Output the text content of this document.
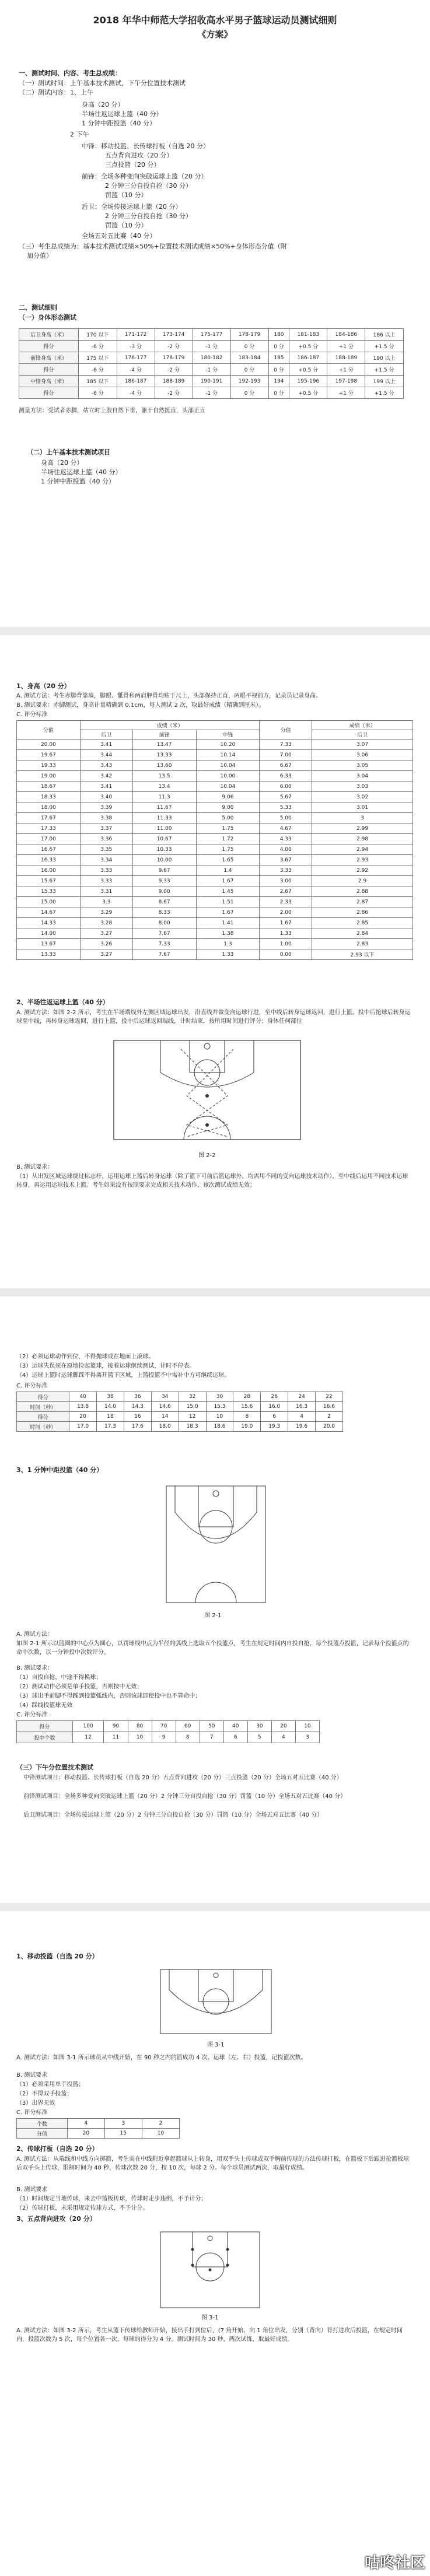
2018 年华中师范大学招收高水平男子篮球运动员测试细则
《方案》
一、测试时间、内容、考生总成绩：
（一）测试时间：上午基本技术测试，下午分位置技术测试
（二）测试内容：1、上午
身高（20 分）
半场往返运球上篮（40 分）
1 分钟中距投篮（40 分）
2 下午
中锋：移动投篮、长传球打板（自选 20 分）
五点背向进攻（20 分）
三点投篮（20 分）
前锋：全场多种变向突破运球上篮（20 分）
2 分钟三分自投自抢（30 分）
罚篮（10 分）
后卫：全场传接运球上篮（20 分）
2 分钟三分自投自抢（30 分）
罚篮（10 分）
全场五对五比赛（40 分）
（三）考生总成绩为：基本技术测试成绩×50%+位置技术测试成绩×50%+身体形态分值（附
加分值）
二、测试细则
（一）身体形态测试
后卫身高（米）	170 以下	171-172	173-174	175-177	178-179	180	181-183	184-186	186 以上
得分	-6 分	-3 分	-2 分	-1 分	0 分	0 分	+0.5 分	+1 分	+1.5 分
前锋身高（米）	175 以下	176-177	178-179	180-182	183-184	185	186-187	188-189	190 以上
得分	-6 分	-4 分	-2 分	-1 分	0 分	0 分	+0.5 分	+1 分	+1.5 分
中锋身高（米）	185 以下	186-187	188-189	190-191	192-193	194	195-196	197-198	199 以上
得分	-6 分	-4 分	-2 分	-1 分	0 分	0 分	+0.5 分	+1 分	+1.5 分
测量方法：受试者赤脚，站立时上肢自然下垂，躯干自然挺直，头部正直
（二）上午基本技术测试项目
身高（20 分）
半场往返运球上篮（40 分）
1 分钟中距投篮（40 分）
1、身高（20 分）
A. 测试方法：考生赤脚背靠墙，脚跟、骶骨和两肩胛骨均贴于尺上，头部保持正直，两眼平视前方，记录员记录身高。
B. 测试要求：赤脚测试，身高计量精确到 0.1cm，每人测试 2 次，取最好成绩（精确到厘米）。
C. 评分标准
分值	成绩（米）			分值	成绩（米）
	后卫	前锋	中锋		后卫
20.00	3.41	13.47	10.20	7.33	3.07
19.67	3.44	13.33	10.14	7.00	3.06
19.33	3.43	13.60	10.04	6.67	3.05
19.00	3.42	13.5	10.00	6.33	3.04
18.67	3.41	13.4	10.04	6.00	3.03
18.33	3.40	11.3	9.06	5.67	3.02
18.00	3.39	11.67	9.00	5.33	3.01
17.67	3.38	11.33	5.00	5.00	3
17.33	3.37	11.00	1.75	4.67	2.99
17.00	3.36	10.67	1.72	4.33	2.98
16.67	3.35	10.33	1.75	4.00	2.94
16.33	3.34	10.00	1.65	3.67	2.93
16.00	3.33	9.67	1.4	3.33	2.92
15.67	3.33	9.33	1.67	3.00	2.9
15.33	3.31	9.00	1.45	2.67	2.88
15.00	3.3	8.67	1.51	2.33	2.87
14.67	3.29	8.33	1.67	2.00	2.86
14.33	3.28	8.00	1.41	1.67	2.85
14.00	3.27	7.67	1.38	1.33	2.84
13.67	3.26	7.33	1.3	1.00	2.83
13.33	3.27	7.67	1.33	0.00	2.93 以下
2、半场往返运球上篮（40 分）
A. 测试方法：如图 2-2 所示，考生在半场端线外左侧区域运球出发，沿直线并做变向运球行进，至中线后转身运球返回，进行上篮。投中后抢球后转身运球至中线，再转身运球返回，进行上篮，投中后运球返回端线，计时结束，按所用时间进行评分；身体任何部位
图 2-2
B. 测试要求：
（1）从出发区域运球绕过标志杆，运用运球上篮后转身运球（除了篮下可前后篮运球外，均需用不同的变向运球技术动作），至中线后运用不同技术运球转身，再运用运球技术上篮。考生如果没有按照要求完成相关技术动作，该次测试成绩无效；
（2）必须运球动作到位，不得抛球或在地面上滚球。
（3）运球失误须在原地捡起篮球，接着运球继续测试，计时不停表。
（4）运球上篮时运球脚踩不得离开篮下区域，上篮投篮不中需补中方可继续运球。
C. 评分标准
得分	40	38	36	34	32	30	28	26	24	22
时间（秒）	13.8	14.0	14.3	14.6	15.0	15.3	15.6	16.0	16.3	16.6
得分	20	18	16	14	12	10	8	6	4	2
时间（秒）	17.0	17.3	17.6	18.0	18.3	18.6	19.0	19.3	19.6	20.0
3、1 分钟中距投篮（40 分）
图 2-1
A. 测试方法：
如图 2-1 所示以篮圈的中心点为圆心，以罚球线中点为半径的弧线上选取五个投篮点，考生在规定时间内自投自抢，每个投篮点投篮，记录每个投篮点的命中次数，以一分钟投中次数评分。
B. 测试要求：
（1）自投自抢，中途不得换球；
（2）测试动作必须是单手投篮，否则按中无效；
（3）球出手前脚不得踩到投篮弧线内，否则该球即使投中也不算命中；
（4）踩线投篮球无效
C. 评分标准
得分	100	90	80	70	60	50	40	30	20	10
投中个数	12	11	10	9	8	7	6	5	4	3
（三）下午分位置技术测试
中锋测试项目：移动投篮、长传球打板（自选 20 分）五点背向进攻（20 分）三点投篮（20 分）全场五对五比赛（40 分）
前锋测试项目：全场多种变向突破运球上篮（20 分）2 分钟三分自投自抢（30 分）罚篮（10 分）全场五对五比赛（40 分）
后卫测试项目：全场传接运球上篮（20 分）2 分钟三分自投自抢（30 分）罚篮（10 分）全场五对五比赛（40 分）
1、移动投篮（自选 20 分）
图 3-1
A. 测试方法：如图 3-1 所示球员从中线开始，在 90 秒之内的篮成功 4 次。运球（左、右）投篮，记投篮次数。
B. 测试要求
（1）必须采用单手投篮；
（2）不得双手投篮；
（3）出界无效
C. 评分标准
个数	4	3	2
分值	20	15	10
2、传球打板（自选 20 分）
A. 测试方法：从端线和中线方向掷篮，考生需在中线附近拿起篮球从上转身，用双手头上传球或双手胸前传球的方法传球打板，在篮板下后跟进抢篮板球后双手头上传球，限制时间为 40 秒，传球次数 20 分，按 10 次，每球 2 分。每个球员测试两次，取最好成绩。
B. 测试要求
（1）时间规定当地传球，来去中篮板传球，传球时走步违例，不予计分；
（2）传球打板，未采用规定传球方式，不予计分。
3、五点背向进攻（20 分）
图 3-1
A. 测试方法：如图 3-2 所示，考生从篮下传球给教师开始，接出手打到位后，(7 角开始，向 1 角位出发，分别（背向）背打进攻后投篮，在规定时间内，投篮次数为 5 次，每个位置各一次，每球的得分为 4 分。测试时间为 30 秒，两次试练，取最好成绩。
咕咚社区
